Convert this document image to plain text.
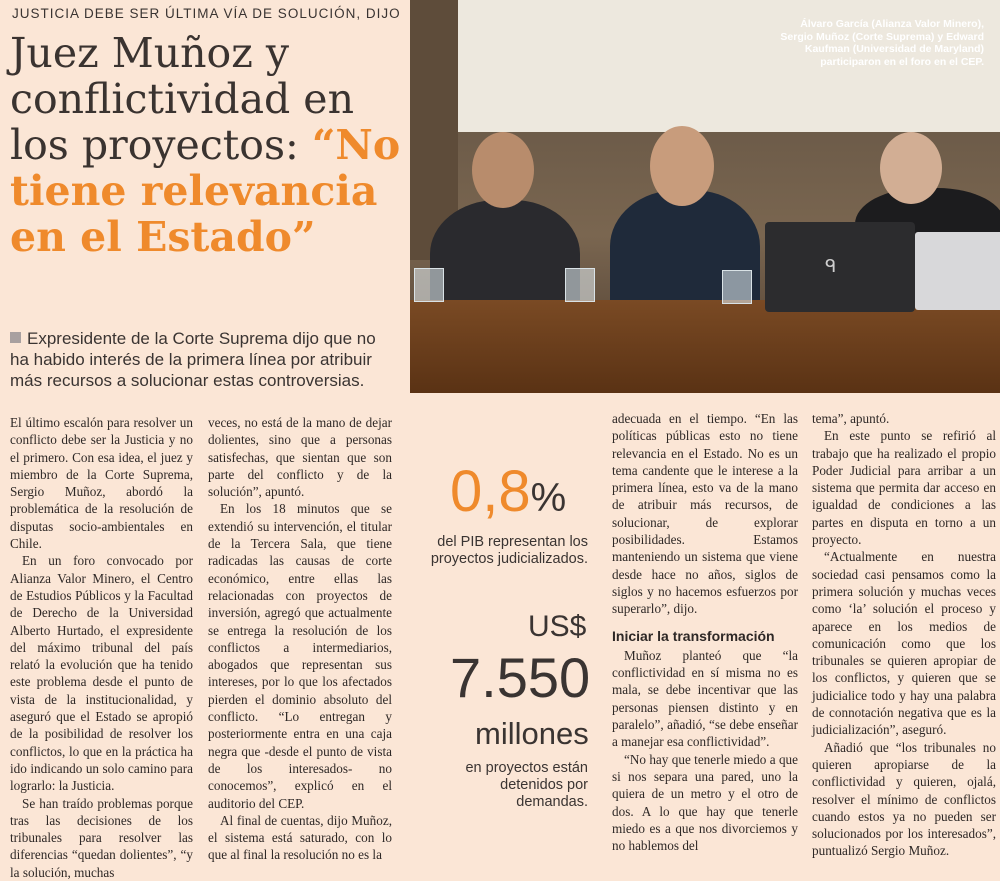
JUSTICIA DEBE SER ÚLTIMA VÍA DE SOLUCIÓN, DIJO
Juez Muñoz y conflictividad en los proyectos: “No tiene relevancia en el Estado”
ᑫ
Álvaro García (Alianza Valor Minero), Sergio Muñoz (Corte Suprema) y Edward Kaufman (Universidad de Maryland) participaron en el foro en el CEP.
Expresidente de la Corte Suprema dijo que no ha habido interés de la primera línea por atribuir más recursos a solucionar estas controversias.

El último escalón para resolver un conflicto debe ser la Justicia y no el primero. Con esa idea, el juez y miembro de la Corte Suprema, Sergio Muñoz, abordó la problemática de la resolución de disputas socio-ambientales en Chile.

En un foro convocado por Alianza Valor Minero, el Centro de Estudios Públicos y la Facultad de Derecho de la Universidad Alberto Hurtado, el expresidente del máximo tribunal del país relató la evolución que ha tenido este problema desde el punto de vista de la institucionalidad, y aseguró que el Estado se apropió de la posibilidad de resolver los conflictos, lo que en la práctica ha ido indicando un solo camino para lograrlo: la Justicia.

Se han traído problemas porque tras las decisiones de los tribunales para resolver las diferencias “quedan dolientes”, “y la solución, muchas

veces, no está de la mano de dejar dolientes, sino que a personas satisfechas, que sientan que son parte del conflicto y de la solución”, apuntó.

En los 18 minutos que se extendió su intervención, el titular de la Tercera Sala, que tiene radicadas las causas de corte económico, entre ellas las relacionadas con proyectos de inversión, agregó que actualmente se entrega la resolución de los conflictos a intermediarios, abogados que representan sus intereses, por lo que los afectados pierden el dominio absoluto del conflicto. “Lo entregan y posteriormente entra en una caja negra que -desde el punto de vista de los interesados- no conocemos”, explicó en el auditorio del CEP.

Al final de cuentas, dijo Muñoz, el sistema está saturado, con lo que al final la resolución no es la

0,8%
del PIB representan los proyectos judicializados.
US$
7.550
millones
en proyectos están detenidos por demandas.

adecuada en el tiempo. “En las políticas públicas esto no tiene relevancia en el Estado. No es un tema candente que le interese a la primera línea, esto va de la mano de atribuir más recursos, de solucionar, de explorar posibilidades. Estamos manteniendo un sistema que viene desde hace no años, siglos de siglos y no hacemos esfuerzos por superarlo”, dijo.

Iniciar la transformación

Muñoz planteó que “la conflictividad en sí misma no es mala, se debe incentivar que las personas piensen distinto y en paralelo”, añadió, “se debe enseñar a manejar esa conflictividad”.

“No hay que tenerle miedo a que si nos separa una pared, uno la quiera de un metro y el otro de dos. A lo que hay que tenerle miedo es a que nos divorciemos y no hablemos del

tema”, apuntó.

En este punto se refirió al trabajo que ha realizado el propio Poder Judicial para arribar a un sistema que permita dar acceso en igualdad de condiciones a las partes en disputa en torno a un proyecto.

“Actualmente en nuestra sociedad casi pensamos como la primera solución y muchas veces como ‘la’ solución el proceso y aparece en los medios de comunicación como que los tribunales se quieren apropiar de los conflictos, y quieren que se judicialice todo y hay una palabra de connotación negativa que es la judicialización”, aseguró.

Añadió que “los tribunales no quieren apropiarse de la conflictividad y quieren, ojalá, resolver el mínimo de conflictos cuando estos ya no pueden ser solucionados por los interesados”, puntualizó Sergio Muñoz.
